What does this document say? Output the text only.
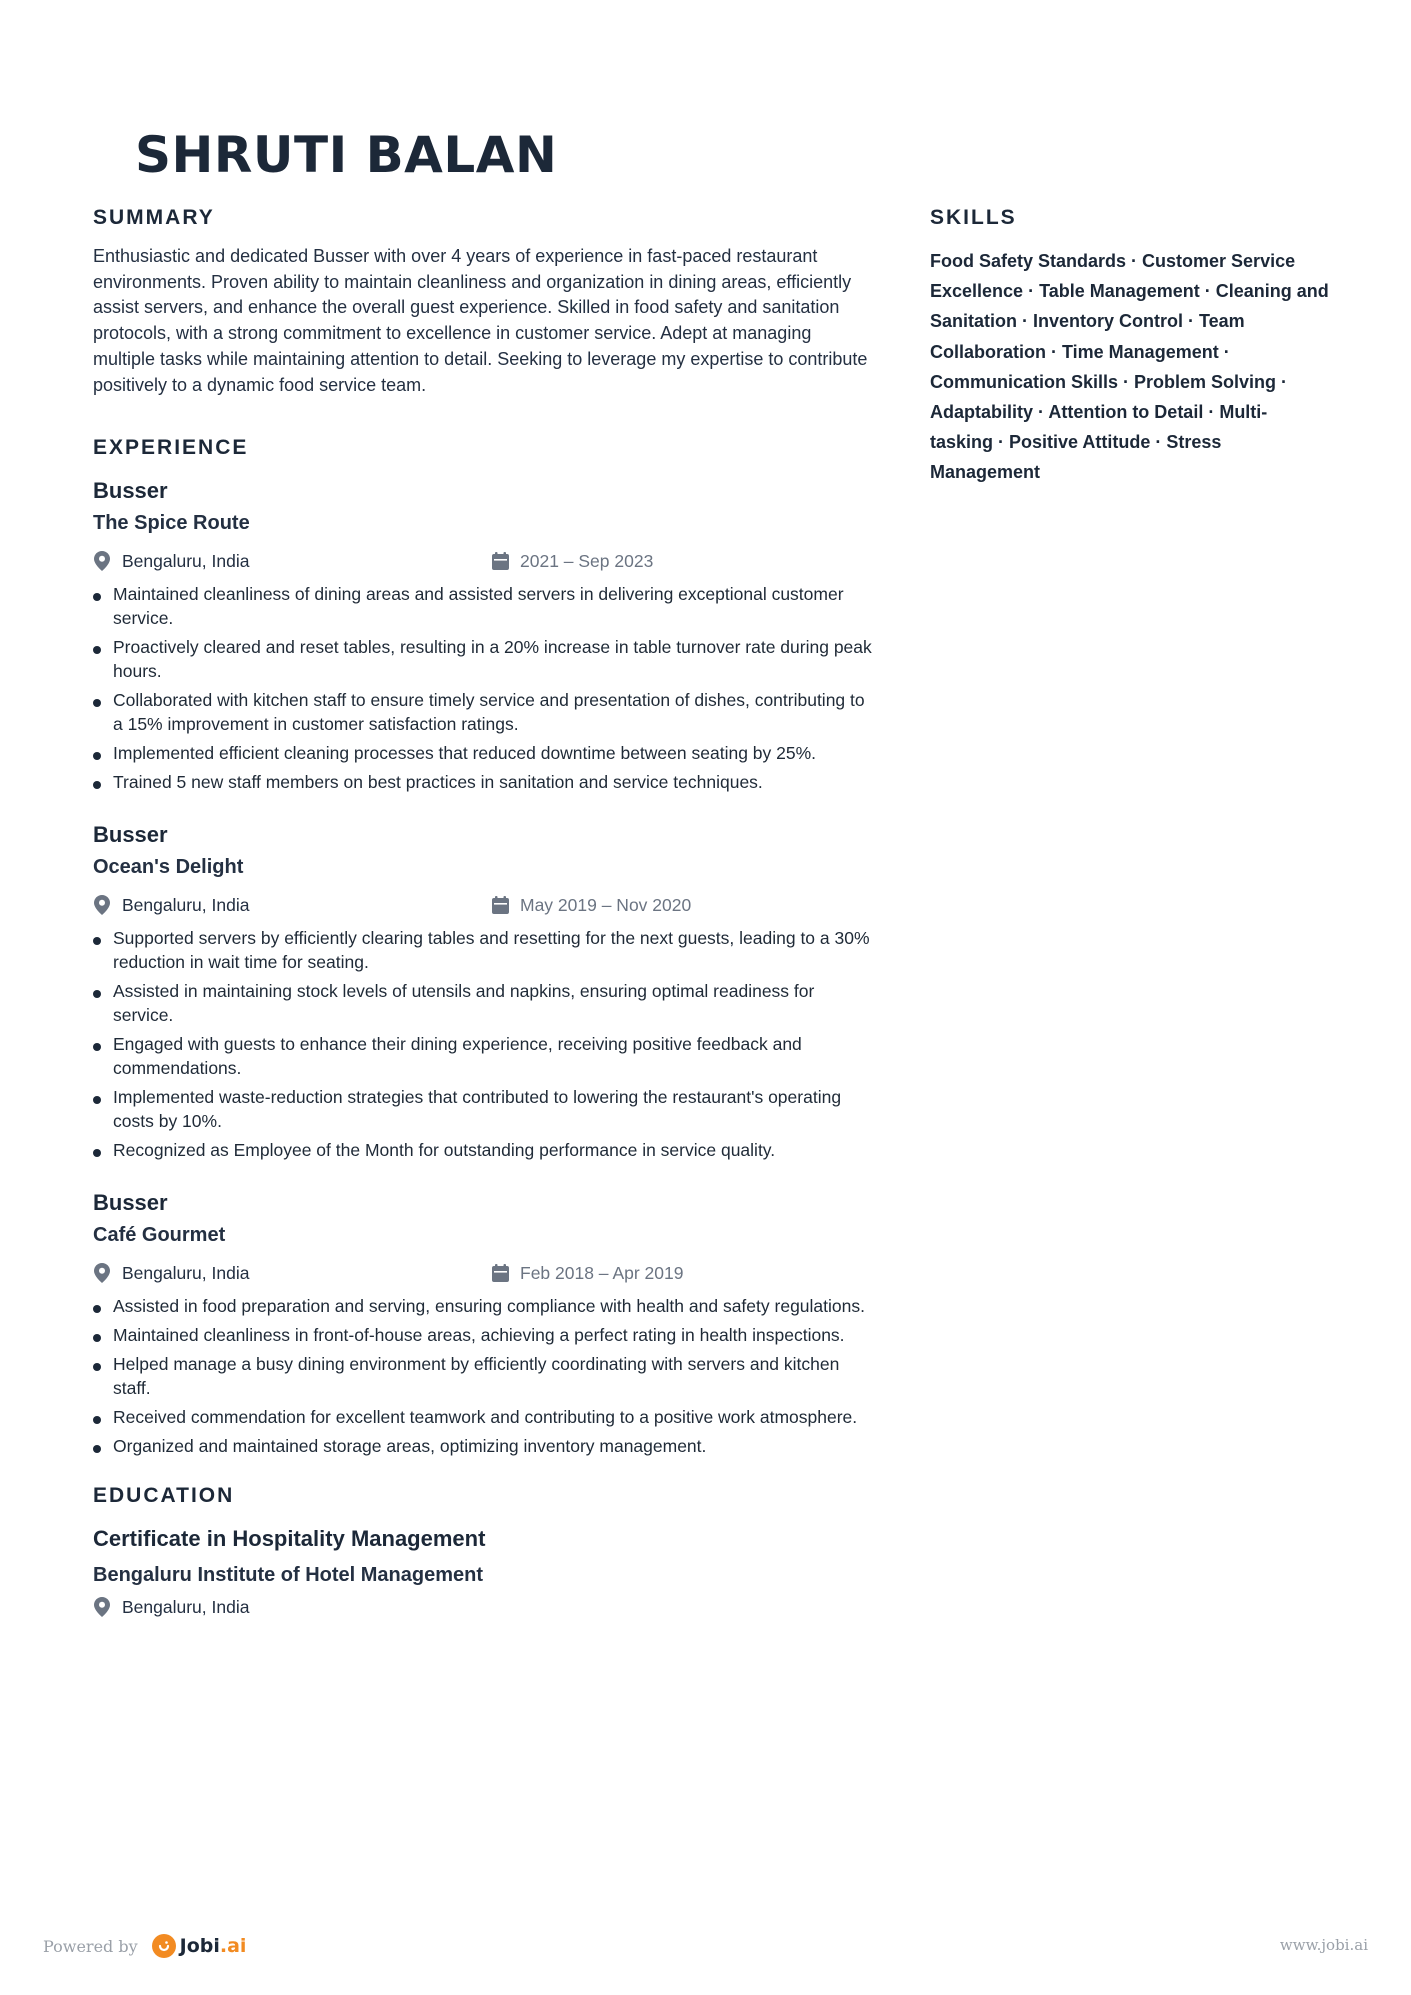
SHRUTI BALAN
SUMMARY

Enthusiastic and dedicated Busser with over 4 years of experience in fast-paced restaurant environments. Proven ability to maintain cleanliness and organization in dining areas, efficiently assist servers, and enhance the overall guest experience. Skilled in food safety and sanitation protocols, with a strong commitment to excellence in customer service. Adept at managing multiple tasks while maintaining attention to detail. Seeking to leverage my expertise to contribute positively to a dynamic food service team.

EXPERIENCE
Busser
The Spice Route
Bengaluru, India	2021 – Sep 2023
Maintained cleanliness of dining areas and assisted servers in delivering exceptional customer service.
Proactively cleared and reset tables, resulting in a 20% increase in table turnover rate during peak hours.
Collaborated with kitchen staff to ensure timely service and presentation of dishes, contributing to a 15% improvement in customer satisfaction ratings.
Implemented efficient cleaning processes that reduced downtime between seating by 25%.
Trained 5 new staff members on best practices in sanitation and service techniques.
Busser
Ocean's Delight
Bengaluru, India	May 2019 – Nov 2020
Supported servers by efficiently clearing tables and resetting for the next guests, leading to a 30% reduction in wait time for seating.
Assisted in maintaining stock levels of utensils and napkins, ensuring optimal readiness for service.
Engaged with guests to enhance their dining experience, receiving positive feedback and commendations.
Implemented waste-reduction strategies that contributed to lowering the restaurant's operating costs by 10%.
Recognized as Employee of the Month for outstanding performance in service quality.
Busser
Café Gourmet
Bengaluru, India	Feb 2018 – Apr 2019
Assisted in food preparation and serving, ensuring compliance with health and safety regulations.
Maintained cleanliness in front-of-house areas, achieving a perfect rating in health inspections.
Helped manage a busy dining environment by efficiently coordinating with servers and kitchen staff.
Received commendation for excellent teamwork and contributing to a positive work atmosphere.
Organized and maintained storage areas, optimizing inventory management.
EDUCATION
Certificate in Hospitality Management
Bengaluru Institute of Hotel Management
Bengaluru, India
SKILLS

Food Safety Standards · Customer Service Excellence · Table Management · Cleaning and Sanitation · Inventory Control · Team Collaboration · Time Management · Communication Skills · Problem Solving · Adaptability · Attention to Detail · Multi-tasking · Positive Attitude · Stress Management

Powered by Jobi.ai	www.jobi.ai
